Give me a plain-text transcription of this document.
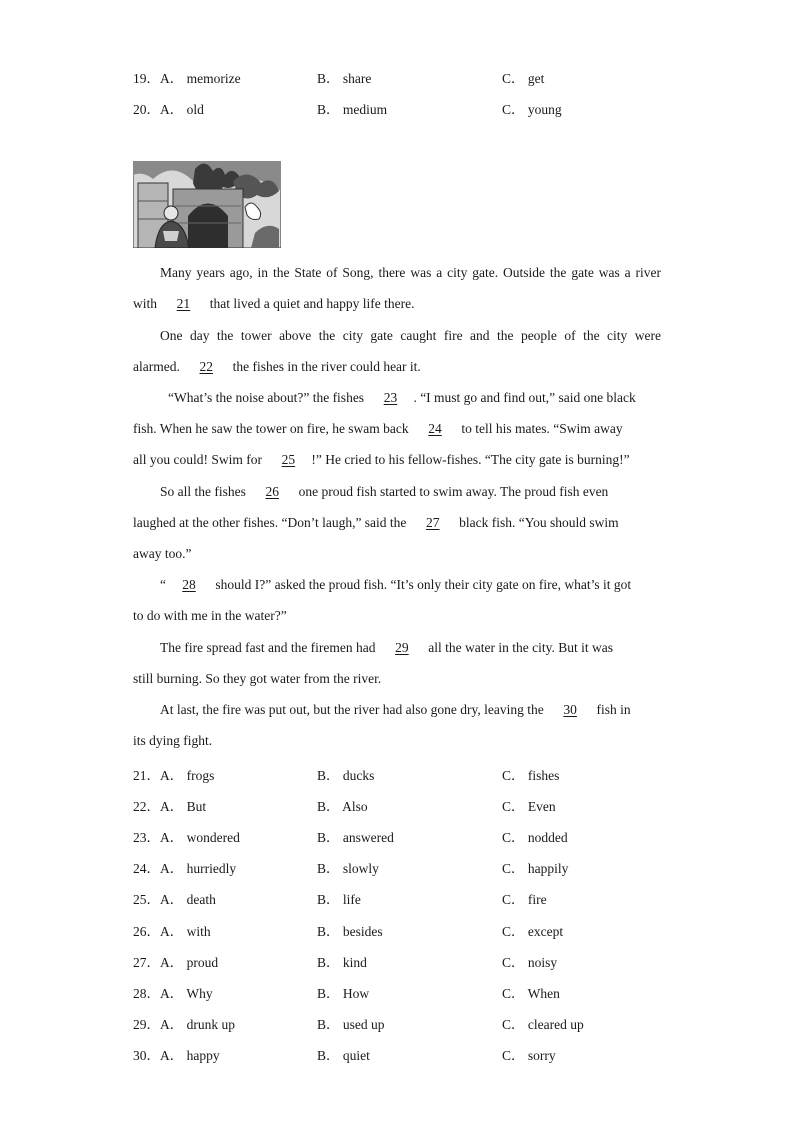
19．A． memorize	B． share	C． get
20．A． old	B． medium	C． young
Many years ago, in the State of Song, there was a city gate. Outside the gate was a river
with 21 that lived a quiet and happy life there.
One day the tower above the city gate caught fire and the people of the city were
alarmed. 22 the fishes in the river could hear it.
“What’s the noise about?” the fishes 23 . “I must go and find out,” said one black
fish. When he saw the tower on fire, he swam back 24 to tell his mates. “Swim away
all you could! Swim for 25 !” He cried to his fellow-fishes. “The city gate is burning!”
So all the fishes 26 one proud fish started to swim away. The proud fish even
laughed at the other fishes. “Don’t laugh,” said the 27 black fish. “You should swim
away too.”
“ 28 should I?” asked the proud fish. “It’s only their city gate on fire, what’s it got
to do with me in the water?”
The fire spread fast and the firemen had 29 all the water in the city. But it was
still burning. So they got water from the river.
At last, the fire was put out, but the river had also gone dry, leaving the 30 fish in
its dying fight.
21．A． frogs	B． ducks	C． fishes
22．A． But	B． Also	C． Even
23．A． wondered	B． answered	C． nodded
24．A． hurriedly	B． slowly	C． happily
25．A． death	B． life	C． fire
26．A． with	B． besides	C． except
27．A． proud	B． kind	C． noisy
28．A． Why	B． How	C． When
29．A． drunk up	B． used up	C． cleared up
30．A． happy	B． quiet	C． sorry
